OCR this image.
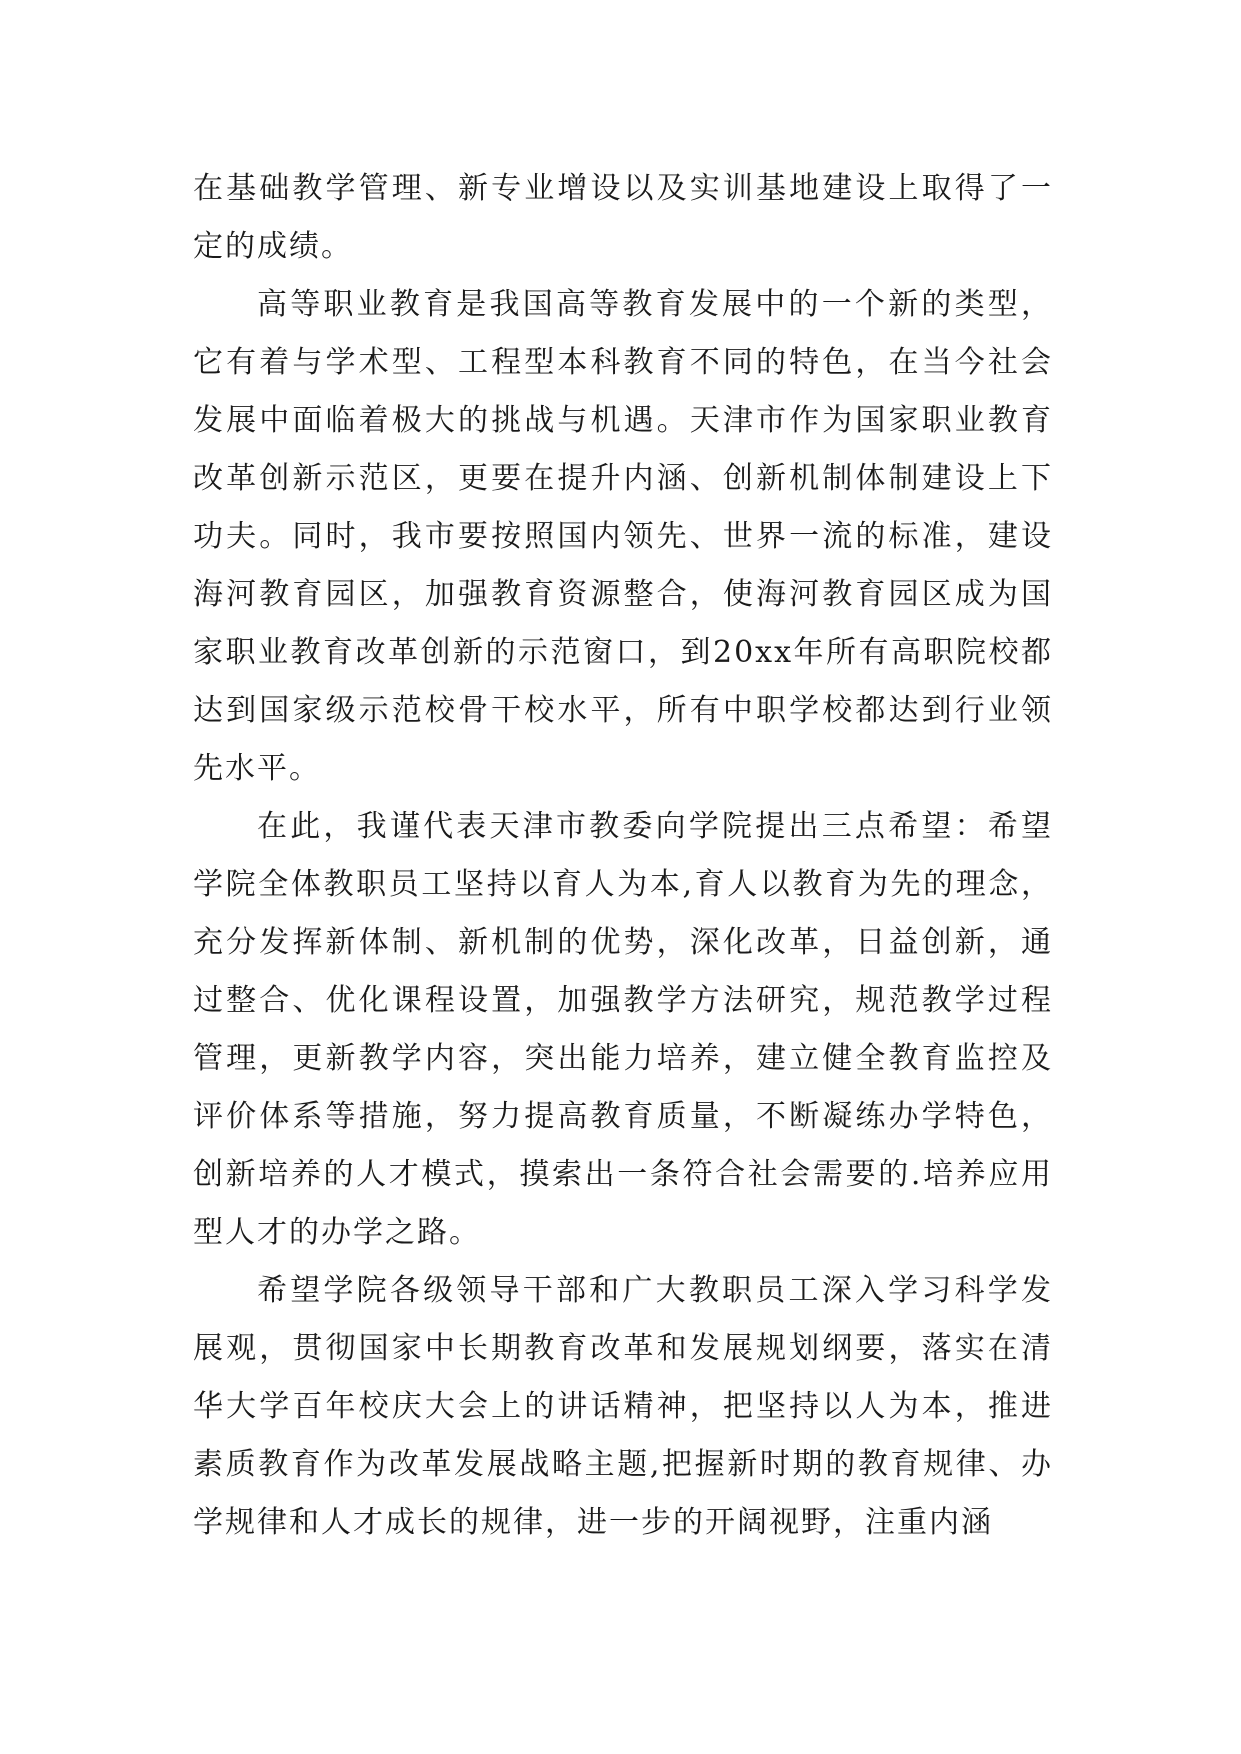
在基础教学管理、新专业增设以及实训基地建设上取得了一定的成绩。

高等职业教育是我国高等教育发展中的一个新的类型，它有着与学术型、工程型本科教育不同的特色，在当今社会发展中面临着极大的挑战与机遇。天津市作为国家职业教育改革创新示范区，更要在提升内涵、创新机制体制建设上下功夫。同时，我市要按照国内领先、世界一流的标准，建设海河教育园区，加强教育资源整合，使海河教育园区成为国家职业教育改革创新的示范窗口，到20xx年所有高职院校都达到国家级示范校骨干校水平，所有中职学校都达到行业领先水平。

在此，我谨代表天津市教委向学院提出三点希望：希望学院全体教职员工坚持以育人为本,育人以教育为先的理念，充分发挥新体制、新机制的优势，深化改革，日益创新，通过整合、优化课程设置，加强教学方法研究，规范教学过程管理，更新教学内容，突出能力培养，建立健全教育监控及评价体系等措施，努力提高教育质量，不断凝练办学特色，创新培养的人才模式，摸索出一条符合社会需要的.培养应用型人才的办学之路。

希望学院各级领导干部和广大教职员工深入学习科学发展观，贯彻国家中长期教育改革和发展规划纲要，落实在清华大学百年校庆大会上的讲话精神，把坚持以人为本，推进素质教育作为改革发展战略主题,把握新时期的教育规律、办学规律和人才成长的规律，进一步的开阔视野，注重内涵
